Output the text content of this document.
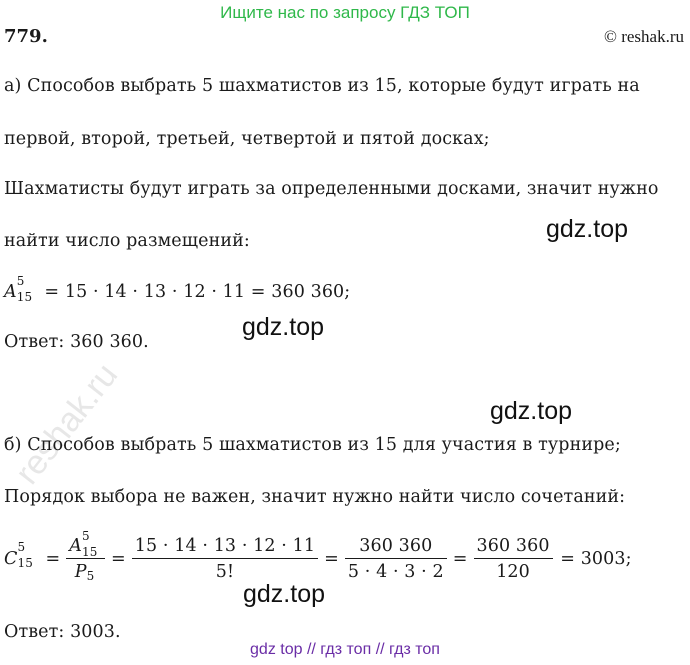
Ищите нас по запросу ГДЗ ТОП
779.	© reshak.ru
reshak.ru
а) Способов выбрать 5 шахматистов из 15, которые будут играть на
первой, второй, третьей, четвертой и пятой досках;
Шахматисты будут играть за определенными досками, значит нужно
найти число размещений:	gdz.top
A
5
15 = 15 · 14 · 13 · 12 · 11 = 360 360;
gdz.top
Ответ: 360 360.
gdz.top
б) Способов выбрать 5 шахматистов из 15 для участия в турнире;
Порядок выбора не важен, значит нужно найти число сочетаний:
C
5
15 = A
5
15
P $5 = \frac{15 \cdot 14 \cdot 13 \cdot 12 \cdot 11}{5!} = \frac{360 360}{5 \cdot 4 \cdot 3 \cdot 2} = \frac{360 360}{120} = 3003$;
gdz.top
Ответ: 3003.
gdz top // гдз топ // гдз топ
